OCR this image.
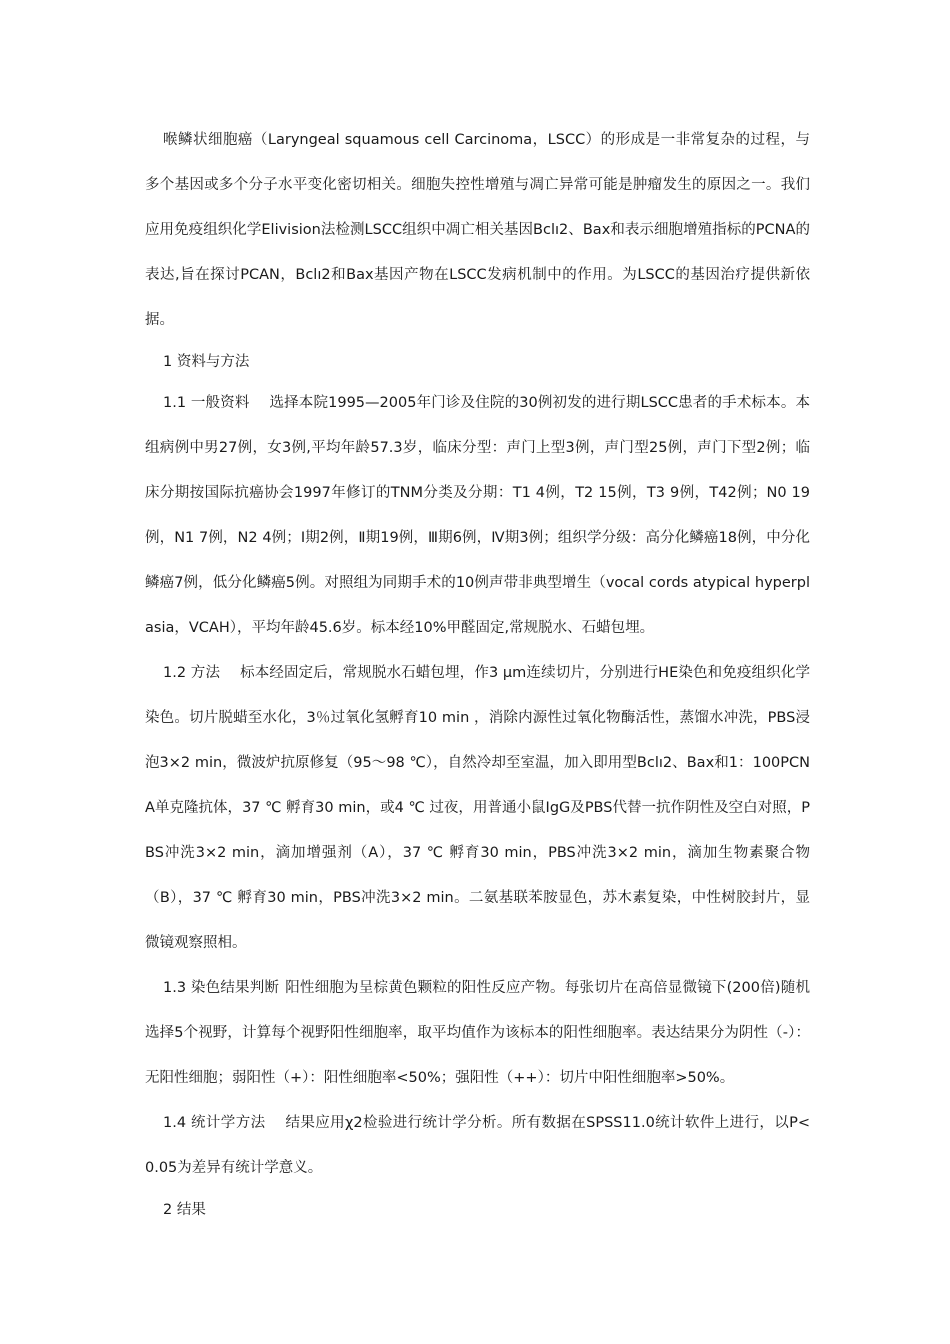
喉鳞状细胞癌（Laryngeal squamous cell Carcinoma，LSCC）的形成是一非常复杂的过程，与多个基因或多个分子水平变化密切相关。细胞失控性增殖与凋亡异常可能是肿瘤发生的原因之一。我们应用免疫组织化学Elivision法检测LSCC组织中凋亡相关基因Bclı2、Bax和表示细胞增殖指标的PCNA的表达,旨在探讨PCAN，Bclı2和Bax基因产物在LSCC发病机制中的作用。为LSCC的基因治疗提供新依据。

1 资料与方法

1.1 一般资料 选择本院1995—2005年门诊及住院的30例初发的进行期LSCC患者的手术标本。本组病例中男27例，女3例,平均年龄57.3岁，临床分型：声门上型3例，声门型25例，声门下型2例；临床分期按国际抗癌协会1997年修订的TNM分类及分期：T1 4例，T2 15例，T3 9例，T42例；N0 19例，N1 7例，N2 4例；Ⅰ期2例，Ⅱ期19例，Ⅲ期6例，Ⅳ期3例；组织学分级：高分化鳞癌18例，中分化鳞癌7例，低分化鳞癌5例。对照组为同期手术的10例声带非典型增生（vocal cords atypical hyperplasia，VCAH），平均年龄45.6岁。标本经10%甲醛固定,常规脱水、石蜡包埋。

1.2 方法 标本经固定后，常规脱水石蜡包埋，作3 μm连续切片，分别进行HE染色和免疫组织化学染色。切片脱蜡至水化，3％过氧化氢孵育10 min ，消除内源性过氧化物酶活性，蒸馏水冲洗，PBS浸泡3×2 min，微波炉抗原修复（95～98 ℃），自然冷却至室温，加入即用型Bclı2、Bax和1：100PCNA单克隆抗体，37 ℃ 孵育30 min，或4 ℃ 过夜，用普通小鼠IgG及PBS代替一抗作阴性及空白对照，PBS冲洗3×2 min，滴加增强剂（A），37 ℃ 孵育30 min，PBS冲洗3×2 min，滴加生物素聚合物（B），37 ℃ 孵育30 min，PBS冲洗3×2 min。二氨基联苯胺显色，苏木素复染，中性树胶封片，显微镜观察照相。

1.3 染色结果判断 阳性细胞为呈棕黄色颗粒的阳性反应产物。每张切片在高倍显微镜下(200倍)随机选择5个视野，计算每个视野阳性细胞率，取平均值作为该标本的阳性细胞率。表达结果分为阴性（-）：无阳性细胞；弱阳性（+）：阳性细胞率<50%；强阳性（++）：切片中阳性细胞率>50%。

1.4 统计学方法 结果应用χ2检验进行统计学分析。所有数据在SPSS11.0统计软件上进行，以P<0.05为差异有统计学意义。

2 结果
